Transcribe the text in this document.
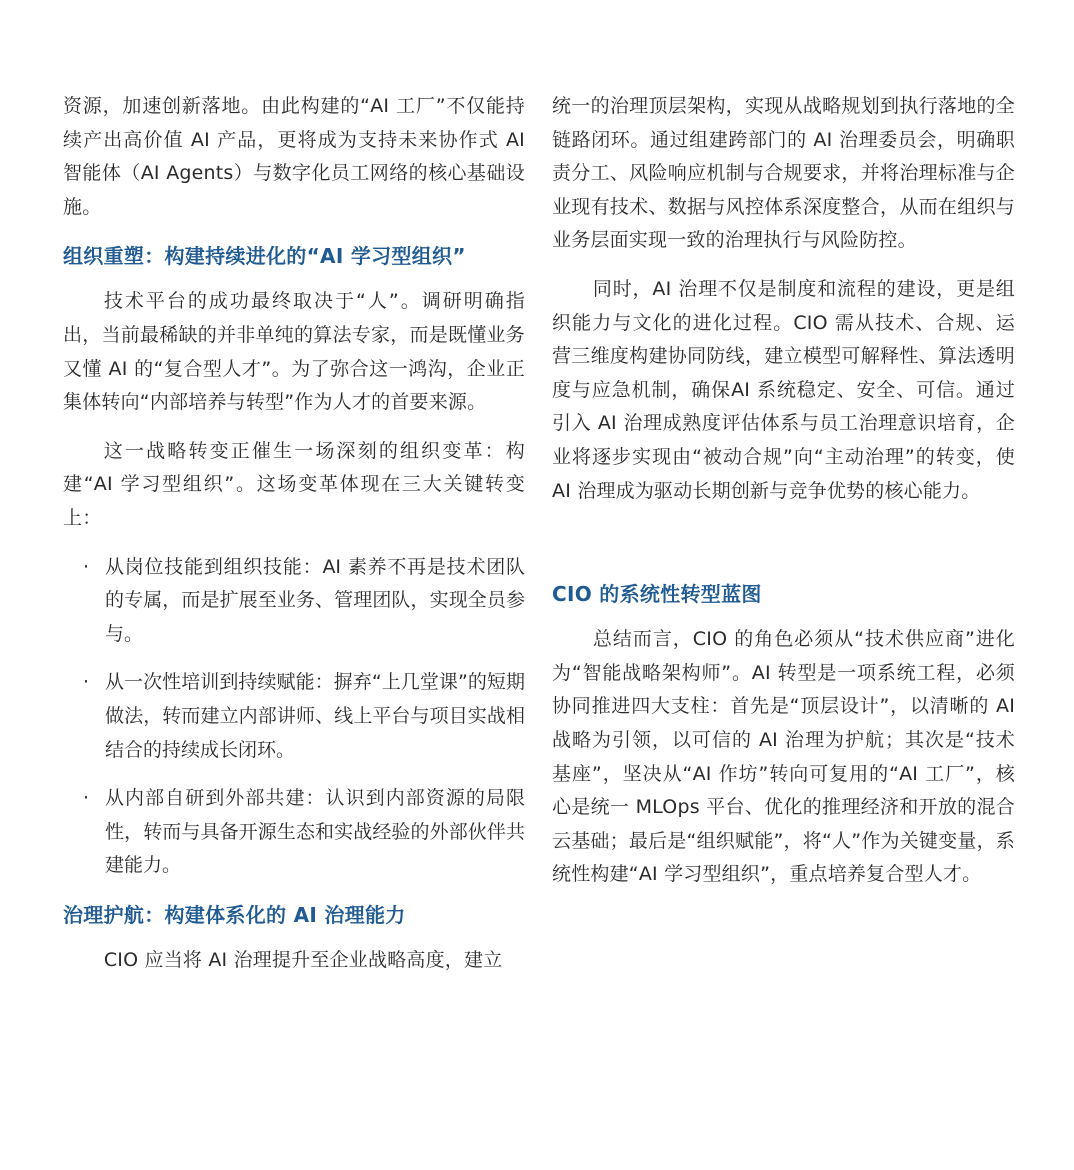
资源，加速创新落地。由此构建的“AI 工厂”不仅能持续产出高价值 AI 产品，更将成为支持未来协作式 AI 智能体（AI Agents）与数字化员工网络的核心基础设施。

组织重塑：构建持续进化的“AI 学习型组织”

技术平台的成功最终取决于“人”。调研明确指出，当前最稀缺的并非单纯的算法专家，而是既懂业务又懂 AI 的“复合型人才”。为了弥合这一鸿沟，企业正集体转向“内部培养与转型”作为人才的首要来源。

这一战略转变正催生一场深刻的组织变革：构建“AI 学习型组织”。这场变革体现在三大关键转变上：

· 从岗位技能到组织技能：AI 素养不再是技术团队的专属，而是扩展至业务、管理团队，实现全员参与。
· 从一次性培训到持续赋能：摒弃“上几堂课”的短期做法，转而建立内部讲师、线上平台与项目实战相结合的持续成长闭环。
· 从内部自研到外部共建：认识到内部资源的局限性，转而与具备开源生态和实战经验的外部伙伴共建能力。
治理护航：构建体系化的 AI 治理能力

CIO 应当将 AI 治理提升至企业战略高度，建立

统一的治理顶层架构，实现从战略规划到执行落地的全链路闭环。通过组建跨部门的 AI 治理委员会，明确职责分工、风险响应机制与合规要求，并将治理标准与企业现有技术、数据与风控体系深度整合，从而在组织与业务层面实现一致的治理执行与风险防控。

同时，AI 治理不仅是制度和流程的建设，更是组织能力与文化的进化过程。CIO 需从技术、合规、运营三维度构建协同防线，建立模型可解释性、算法透明度与应急机制，确保AI 系统稳定、安全、可信。通过引入 AI 治理成熟度评估体系与员工治理意识培育，企业将逐步实现由“被动合规”向“主动治理”的转变，使 AI 治理成为驱动长期创新与竞争优势的核心能力。

CIO 的系统性转型蓝图

总结而言，CIO 的角色必须从“技术供应商”进化为“智能战略架构师”。AI 转型是一项系统工程，必须协同推进四大支柱：首先是“顶层设计”，以清晰的 AI 战略为引领，以可信的 AI 治理为护航；其次是“技术基座”，坚决从“AI 作坊”转向可复用的“AI 工厂”，核心是统一 MLOps 平台、优化的推理经济和开放的混合云基础；最后是“组织赋能”，将“人”作为关键变量，系统性构建“AI 学习型组织”，重点培养复合型人才。
